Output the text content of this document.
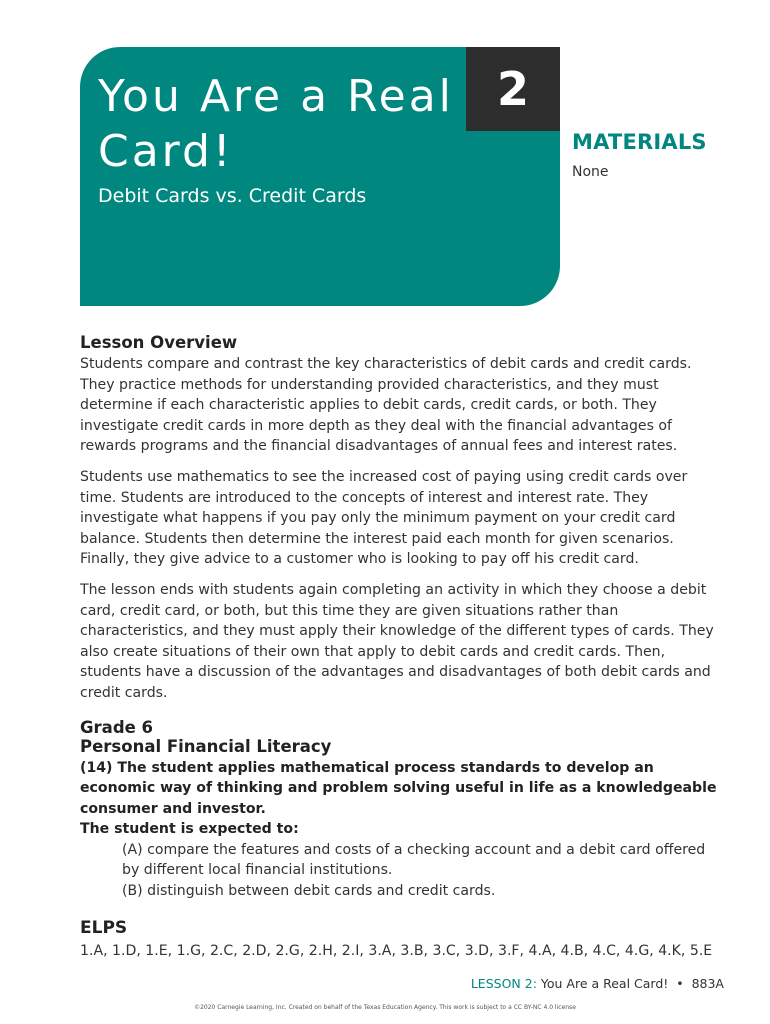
You Are a Real Card!
Debit Cards vs. Credit Cards
2
MATERIALS
None
Lesson Overview

Students compare and contrast the key characteristics of debit cards and credit cards. They practice methods for understanding provided characteristics, and they must determine if each characteristic applies to debit cards, credit cards, or both. They investigate credit cards in more depth as they deal with the financial advantages of rewards programs and the financial disadvantages of annual fees and interest rates.

Students use mathematics to see the increased cost of paying using credit cards over time. Students are introduced to the concepts of interest and interest rate. They investigate what happens if you pay only the minimum payment on your credit card balance. Students then determine the interest paid each month for given scenarios. Finally, they give advice to a customer who is looking to pay off his credit card.

The lesson ends with students again completing an activity in which they choose a debit card, credit card, or both, but this time they are given situations rather than characteristics, and they must apply their knowledge of the different types of cards. They also create situations of their own that apply to debit cards and credit cards. Then, students have a discussion of the advantages and disadvantages of both debit cards and credit cards.

Grade 6
Personal Financial Literacy

(14) The student applies mathematical process standards to develop an economic way of thinking and problem solving useful in life as a knowledgeable consumer and investor.

The student is expected to:

(A) compare the features and costs of a checking account and a debit card offered by different local financial institutions.
(B) distinguish between debit cards and credit cards.
ELPS
1.A, 1.D, 1.E, 1.G, 2.C, 2.D, 2.G, 2.H, 2.I, 3.A, 3.B, 3.C, 3.D, 3.F, 4.A, 4.B, 4.C, 4.G, 4.K, 5.E
LESSON 2: You Are a Real Card! • 883A
©2020 Carnegie Learning, Inc. Created on behalf of the Texas Education Agency. This work is subject to a CC BY-NC 4.0 license
